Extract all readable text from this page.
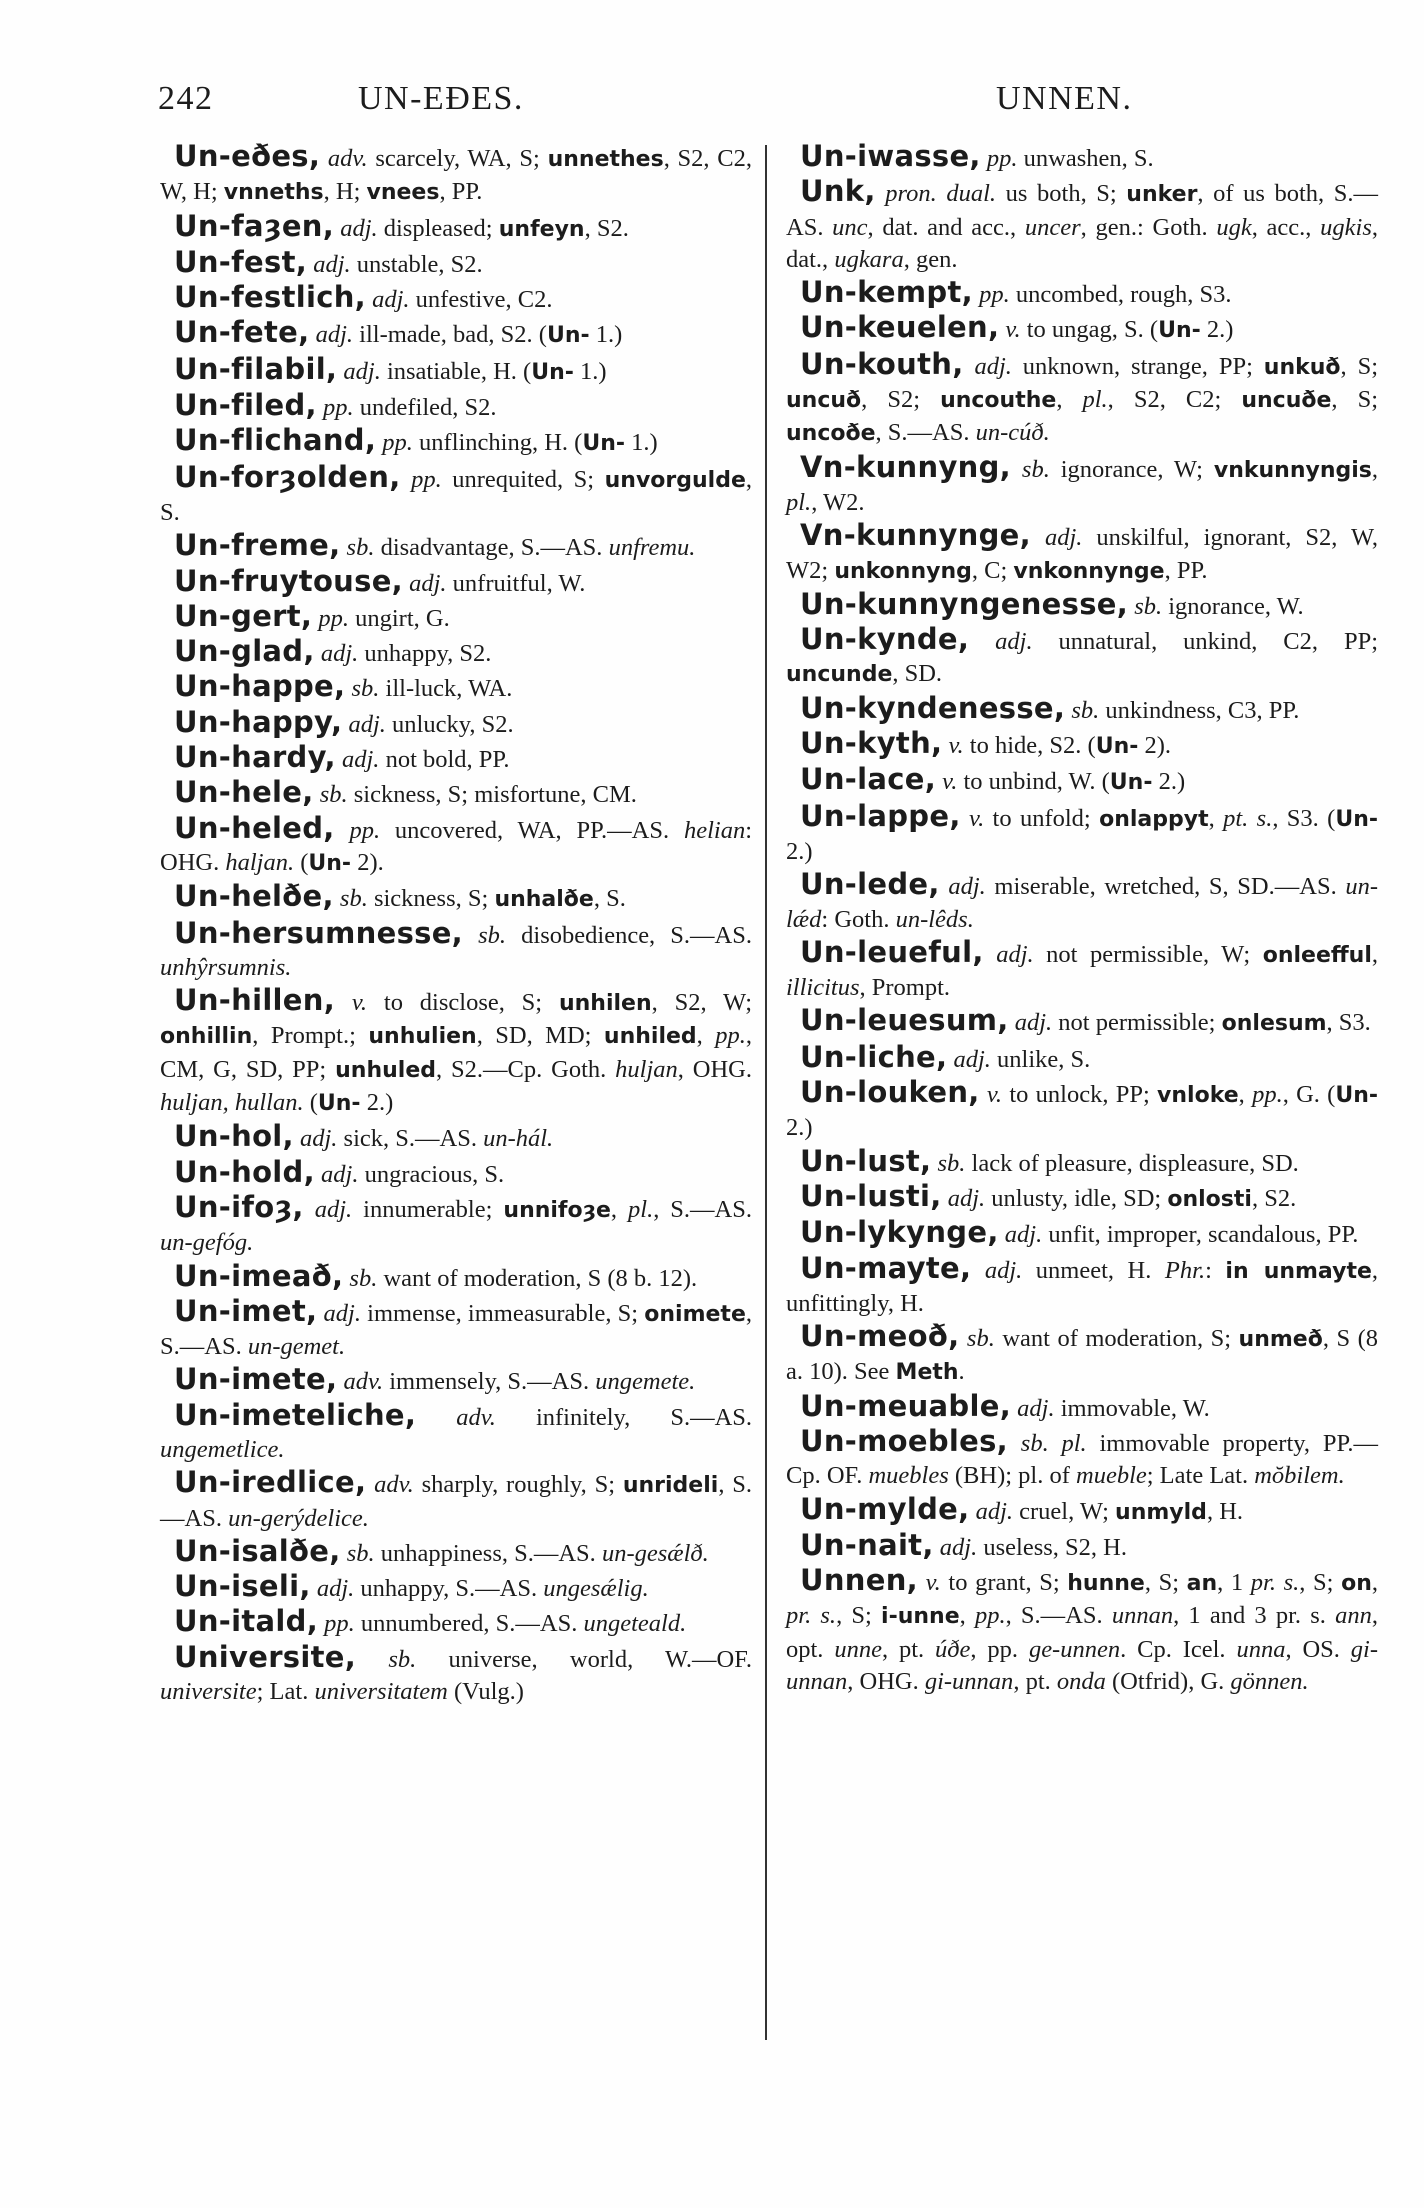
242	UN-EÐES.	UNNEN.

Un-eðes, adv. scarcely, WA, S; unnethes, S2, C2, W, H; vnneths, H; vnees, PP.

Un-faȝen, adj. displeased; unfeyn, S2.

Un-fest, adj. unstable, S2.

Un-festlich, adj. unfestive, C2.

Un-fete, adj. ill-made, bad, S2. (Un- 1.)

Un-filabil, adj. insatiable, H. (Un- 1.)

Un-filed, pp. undefiled, S2.

Un-flichand, pp. unflinching, H. (Un- 1.)

Un-forȝolden, pp. unrequited, S; unvorgulde, S.

Un-freme, sb. disadvantage, S.—AS. unfremu.

Un-fruytouse, adj. unfruitful, W.

Un-gert, pp. ungirt, G.

Un-glad, adj. unhappy, S2.

Un-happe, sb. ill-luck, WA.

Un-happy, adj. unlucky, S2.

Un-hardy, adj. not bold, PP.

Un-hele, sb. sickness, S; misfortune, CM.

Un-heled, pp. uncovered, WA, PP.—AS. helian: OHG. haljan. (Un- 2).

Un-helðe, sb. sickness, S; unhalðe, S.

Un-hersumnesse, sb. disobedience, S.—AS. unhŷrsumnis.

Un-hillen, v. to disclose, S; unhilen, S2, W; onhillin, Prompt.; unhulien, SD, MD; unhiled, pp., CM, G, SD, PP; unhuled, S2.—Cp. Goth. huljan, OHG. huljan, hullan. (Un- 2.)

Un-hol, adj. sick, S.—AS. un-hál.

Un-hold, adj. ungracious, S.

Un-ifoȝ, adj. innumerable; unnifoȝe, pl., S.—AS. un-gefóg.

Un-imeað, sb. want of moderation, S (8 b. 12).

Un-imet, adj. immense, immeasurable, S; onimete, S.—AS. un-gemet.

Un-imete, adv. immensely, S.—AS. ungemete.

Un-imeteliche, adv. infinitely, S.—AS. ungemetlice.

Un-iredlice, adv. sharply, roughly, S; unrideli, S.—AS. un-gerýdelice.

Un-isalðe, sb. unhappiness, S.—AS. un-gesǽlð.

Un-iseli, adj. unhappy, S.—AS. ungesǽlig.

Un-itald, pp. unnumbered, S.—AS. ungeteald.

Universite, sb. universe, world, W.—OF. universite; Lat. universitatem (Vulg.)

Un-iwasse, pp. unwashen, S.

Unk, pron. dual. us both, S; unker, of us both, S.—AS. unc, dat. and acc., uncer, gen.: Goth. ugk, acc., ugkis, dat., ugkara, gen.

Un-kempt, pp. uncombed, rough, S3.

Un-keuelen, v. to ungag, S. (Un- 2.)

Un-kouth, adj. unknown, strange, PP; unkuð, S; uncuð, S2; uncouthe, pl., S2, C2; uncuðe, S; uncoðe, S.—AS. un-cúð.

Vn-kunnyng, sb. ignorance, W; vnkunnyngis, pl., W2.

Vn-kunnynge, adj. unskilful, ignorant, S2, W, W2; unkonnyng, C; vnkonnynge, PP.

Un-kunnyngenesse, sb. ignorance, W.

Un-kynde, adj. unnatural, unkind, C2, PP; uncunde, SD.

Un-kyndenesse, sb. unkindness, C3, PP.

Un-kyth, v. to hide, S2. (Un- 2).

Un-lace, v. to unbind, W. (Un- 2.)

Un-lappe, v. to unfold; onlappyt, pt. s., S3. (Un- 2.)

Un-lede, adj. miserable, wretched, S, SD.—AS. un-lǽd: Goth. un-lêds.

Un-leueful, adj. not permissible, W; onleefful, illicitus, Prompt.

Un-leuesum, adj. not permissible; onlesum, S3.

Un-liche, adj. unlike, S.

Un-louken, v. to unlock, PP; vnloke, pp., G. (Un- 2.)

Un-lust, sb. lack of pleasure, displeasure, SD.

Un-lusti, adj. unlusty, idle, SD; onlosti, S2.

Un-lykynge, adj. unfit, improper, scandalous, PP.

Un-mayte, adj. unmeet, H. Phr.: in unmayte, unfittingly, H.

Un-meoð, sb. want of moderation, S; unmeð, S (8 a. 10). See Meth.

Un-meuable, adj. immovable, W.

Un-moebles, sb. pl. immovable property, PP.—Cp. OF. muebles (BH); pl. of mueble; Late Lat. mŏbilem.

Un-mylde, adj. cruel, W; unmyld, H.

Un-nait, adj. useless, S2, H.

Unnen, v. to grant, S; hunne, S; an, 1 pr. s., S; on, pr. s., S; i-unne, pp., S.—AS. unnan, 1 and 3 pr. s. ann, opt. unne, pt. úðe, pp. ge-unnen. Cp. Icel. unna, OS. gi-unnan, OHG. gi-unnan, pt. onda (Otfrid), G. gönnen.
